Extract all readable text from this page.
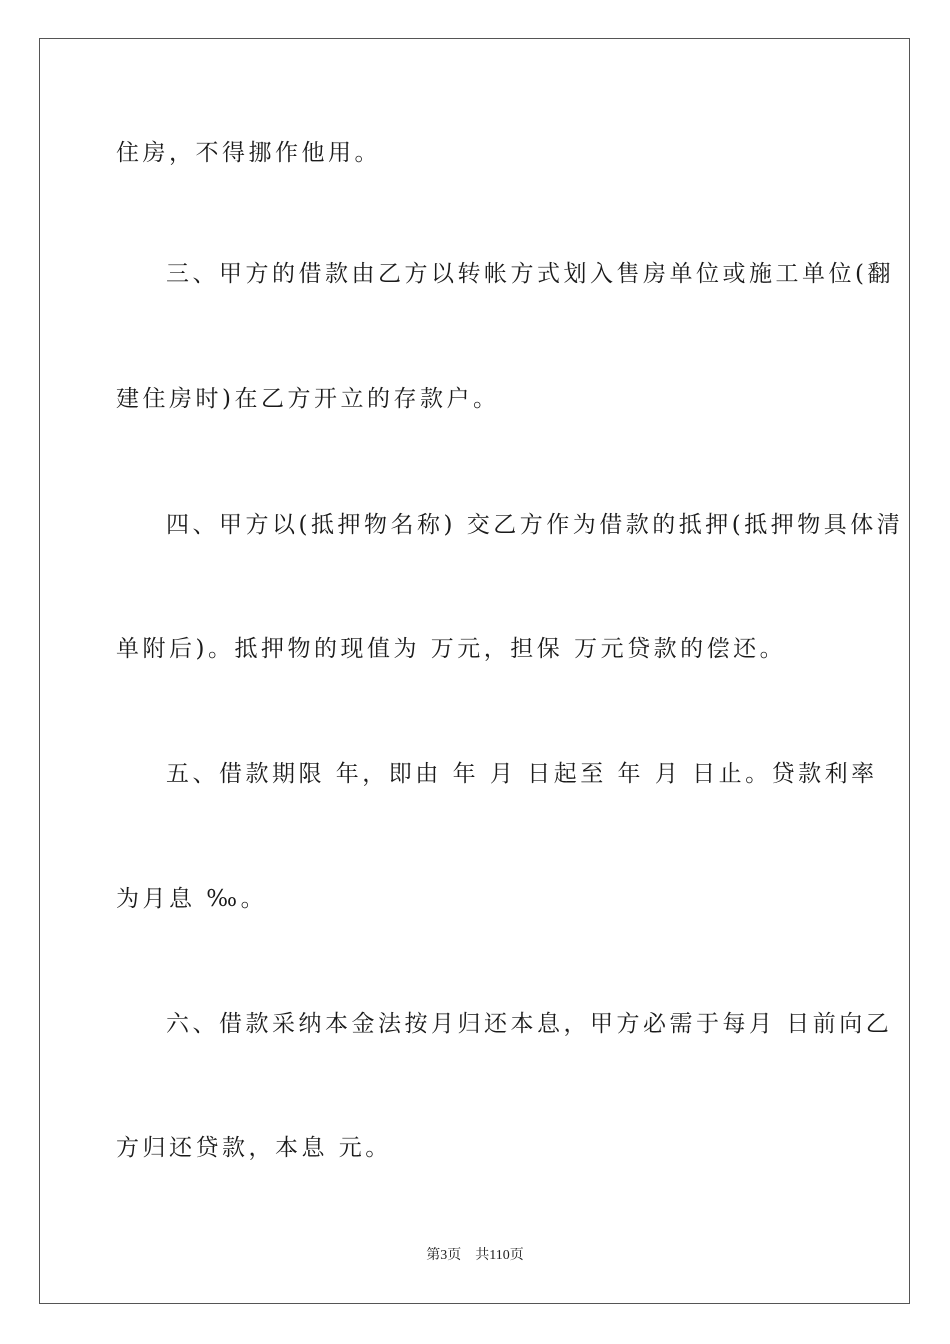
住房，不得挪作他用。
三、甲方的借款由乙方以转帐方式划入售房单位或施工单位(翻
建住房时)在乙方开立的存款户。
四、甲方以(抵押物名称) 交乙方作为借款的抵押(抵押物具体清
单附后)。抵押物的现值为 万元，担保 万元贷款的偿还。
五、借款期限 年，即由 年 月 日起至 年 月 日止。贷款利率
为月息 ‰。
六、借款采纳本金法按月归还本息，甲方必需于每月 日前向乙
方归还贷款，本息 元。
第3页 共110页
